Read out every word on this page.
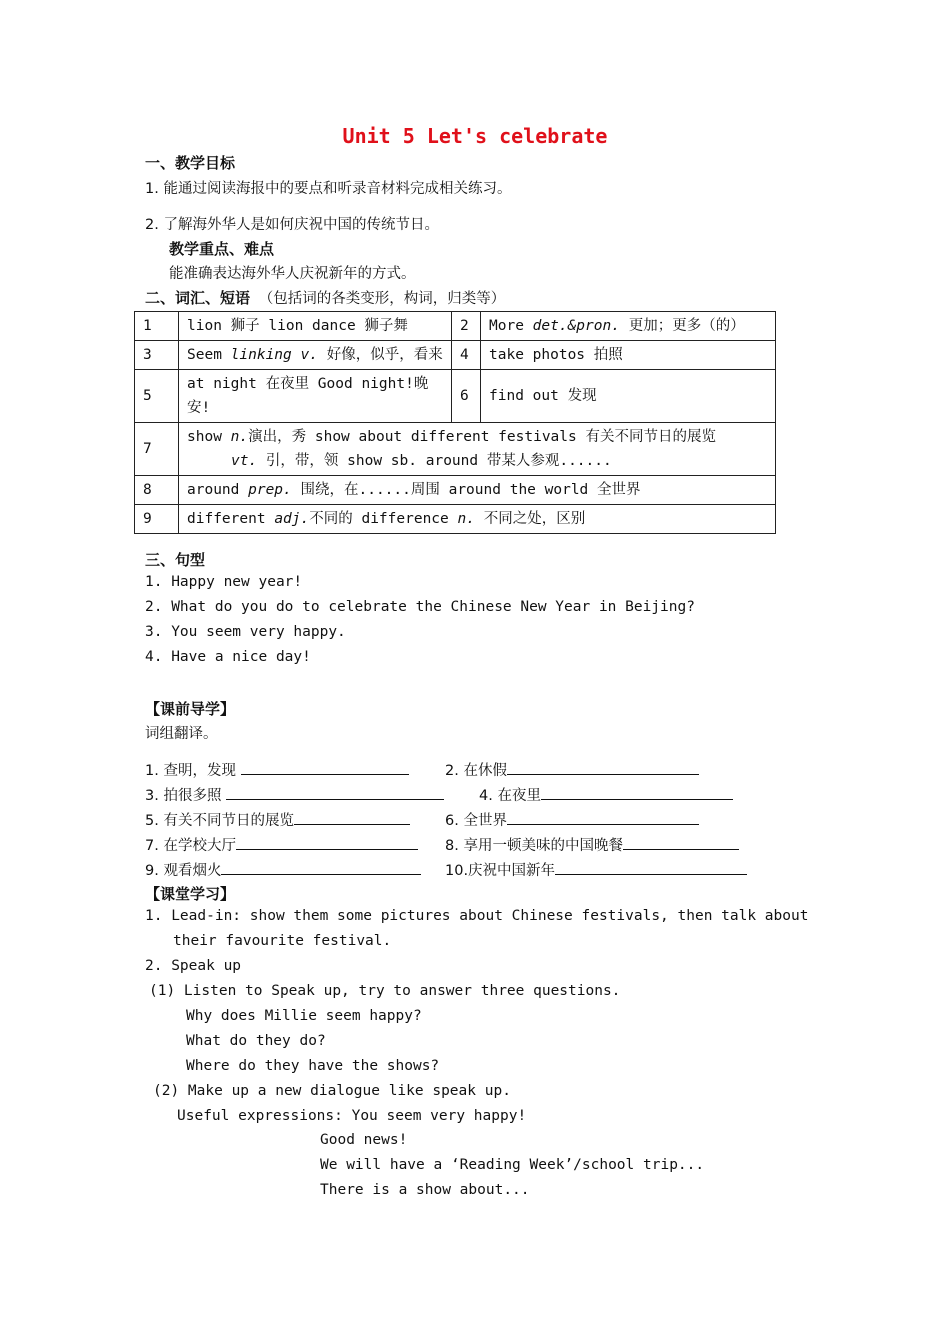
Unit 5 Let's celebrate
一、教学目标
1. 能通过阅读海报中的要点和听录音材料完成相关练习。
2. 了解海外华人是如何庆祝中国的传统节日。
教学重点、难点
能准确表达海外华人庆祝新年的方式。
二、词汇、短语 （包括词的各类变形，构词，归类等）
1	lion 狮子 lion dance 狮子舞	2	More det.&pron. 更加；更多（的）
3	Seem linking v. 好像，似乎，看来	4	take photos 拍照
5	at night 在夜里 Good night!晚安!	6	find out 发现
7	show n.演出，秀 show about different festivals 有关不同节日的展览
vt. 引，带，领 show sb. around 带某人参观......		

8	around prep. 围绕，在......周围 around the world 全世界		
9	different adj.不同的 difference n. 不同之处，区别		
三、句型
1. Happy new year!
2. What do you do to celebrate the Chinese New Year in Beijing?
3. You seem very happy.
4. Have a nice day!
【课前导学】
词组翻译。
1. 查明，发现	2. 在休假
3. 拍很多照	4. 在夜里
5. 有关不同节日的展览	6. 全世界
7. 在学校大厅	8. 享用一顿美味的中国晚餐
9. 观看烟火	10.庆祝中国新年
【课堂学习】
1. Lead-in: show them some pictures about Chinese festivals, then talk about
their favourite festival.
2. Speak up
(1) Listen to Speak up, try to answer three questions.
Why does Millie seem happy?
What do they do?
Where do they have the shows?
(2) Make up a new dialogue like speak up.
Useful expressions: You seem very happy!
Good news!
We will have a ‘Reading Week’/school trip...
There is a show about...
